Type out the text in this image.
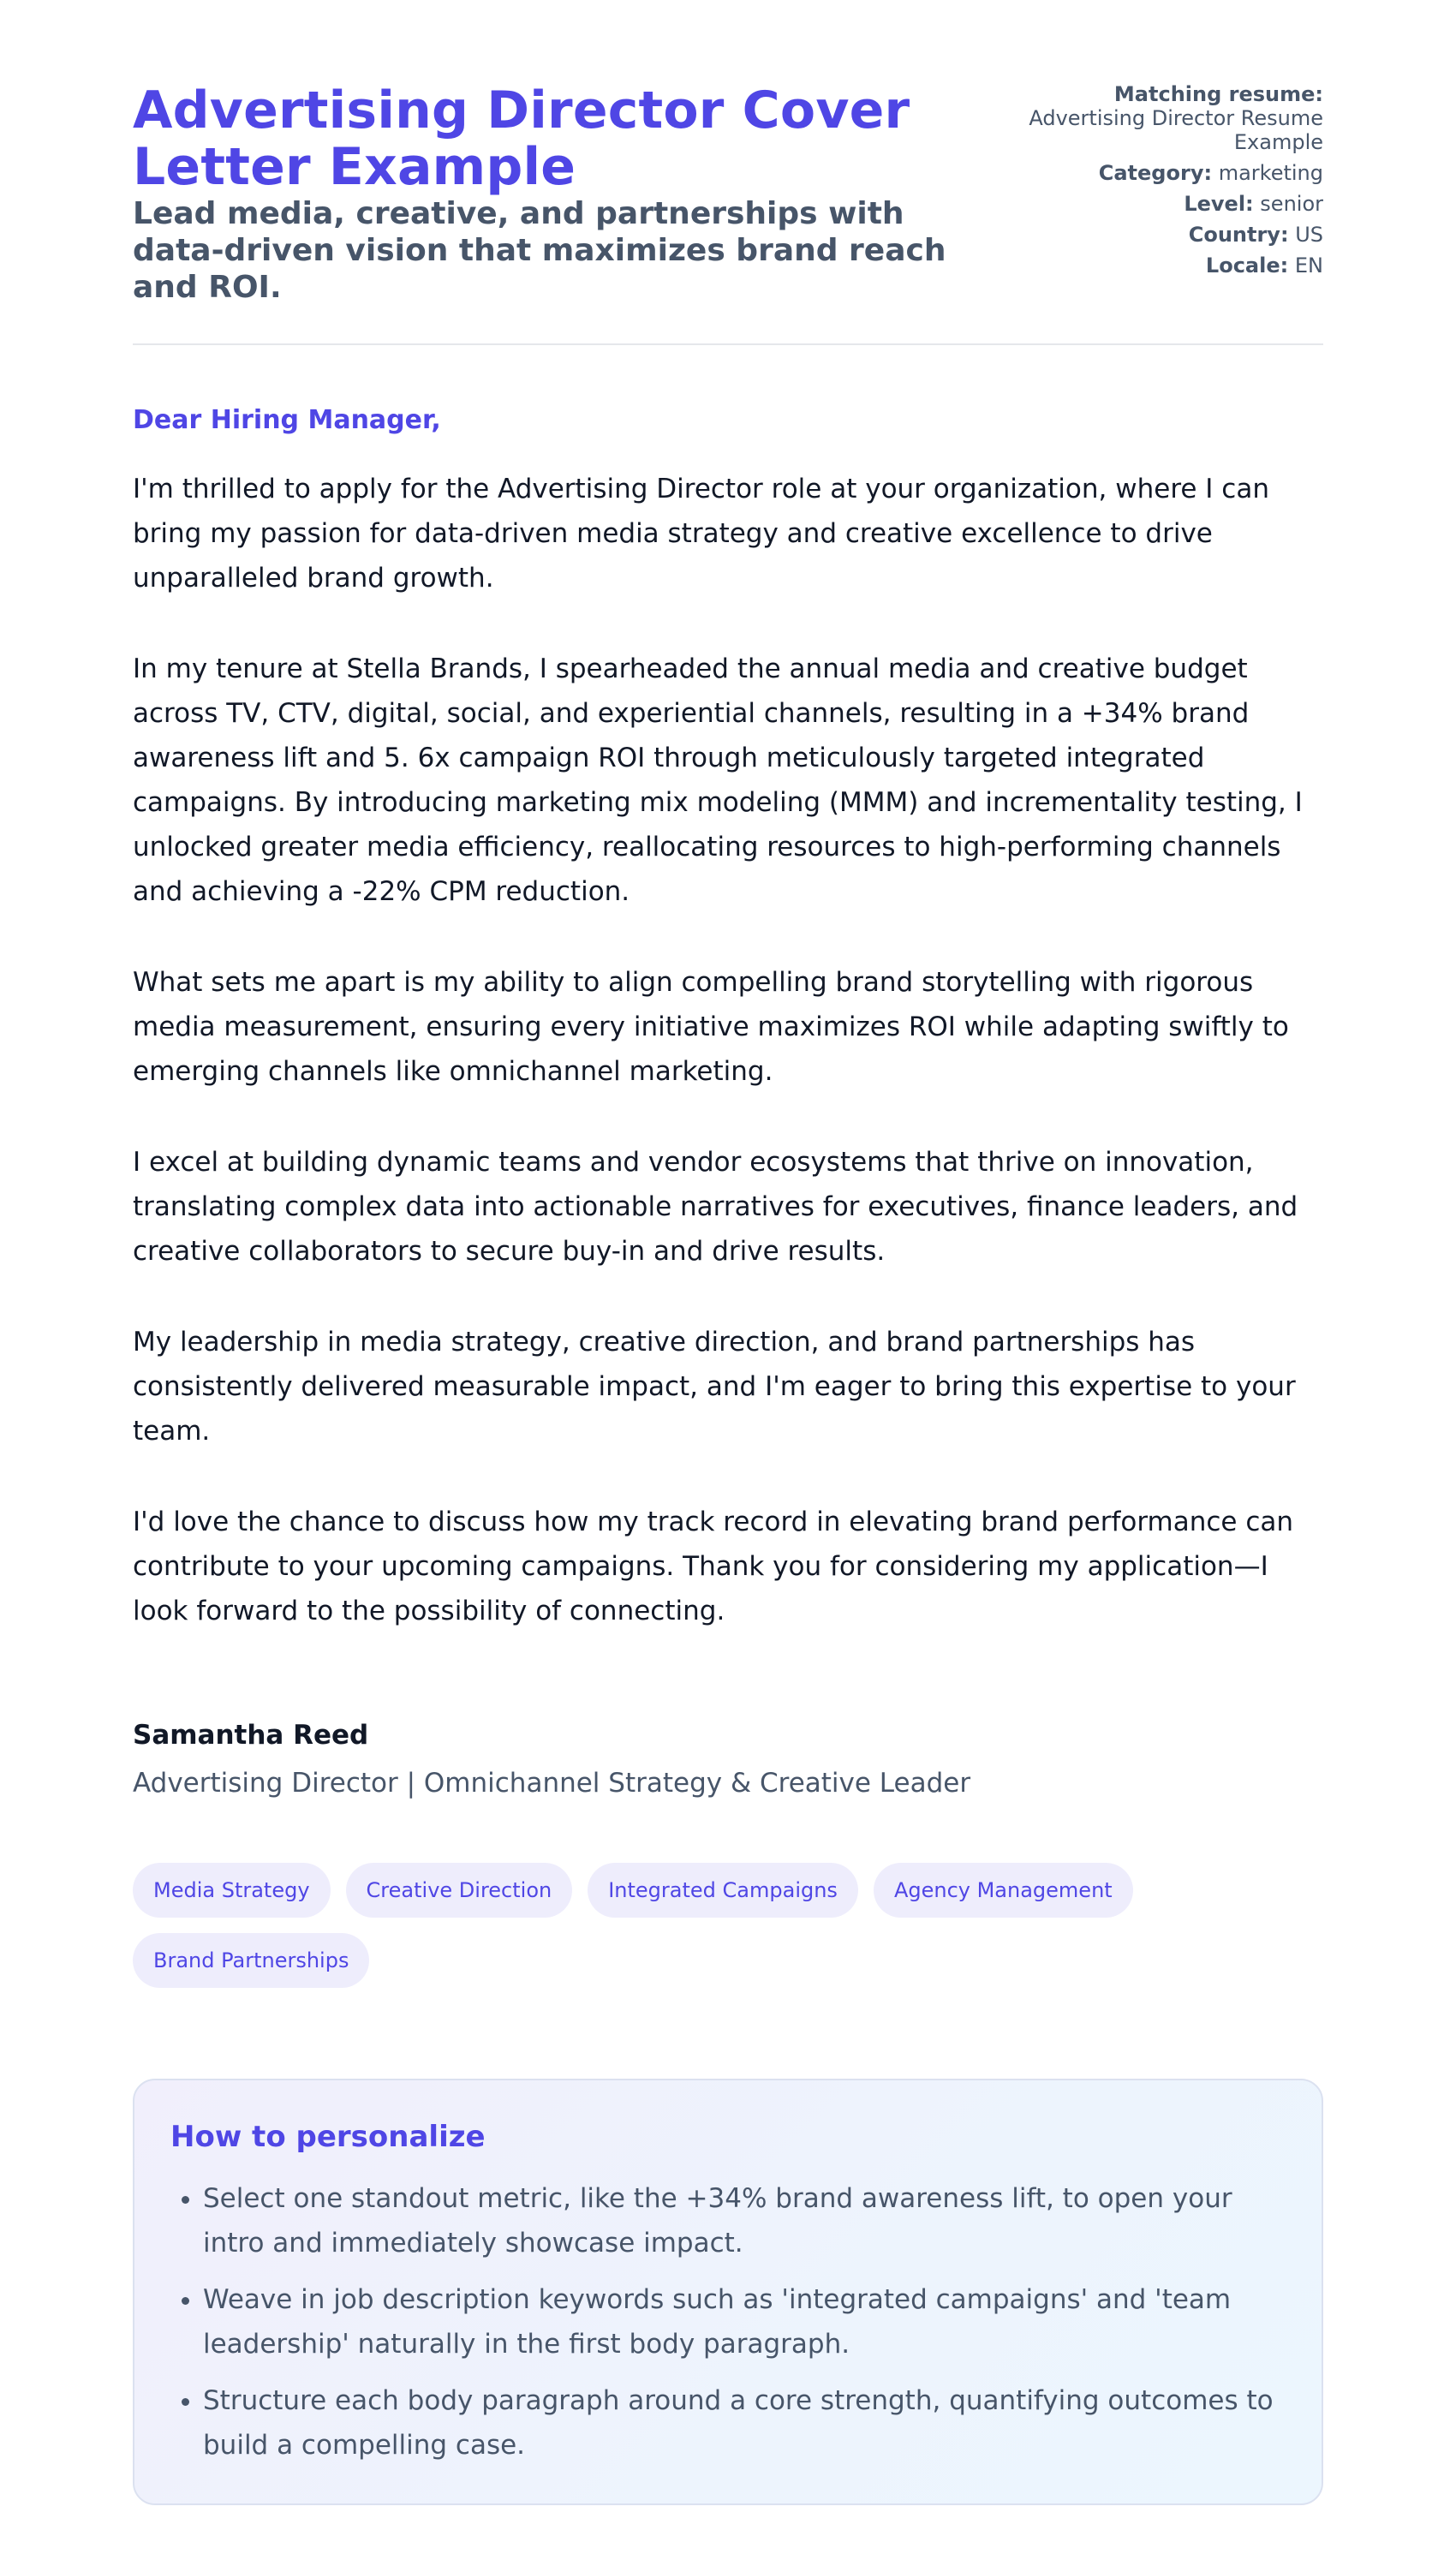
Advertising Director Cover Letter Example

Lead media, creative, and partnerships with data-driven vision that maximizes brand reach and ROI.

Matching resume:
Advertising Director Resume Example
Category: marketing
Level: senior
Country: US
Locale: EN
Dear Hiring Manager,

I'm thrilled to apply for the Advertising Director role at your organization, where I can bring my passion for data-driven media strategy and creative excellence to drive unparalleled brand growth.

In my tenure at Stella Brands, I spearheaded the annual media and creative budget across TV, CTV, digital, social, and experiential channels, resulting in a +34% brand awareness lift and 5. 6x campaign ROI through meticulously targeted integrated campaigns. By introducing marketing mix modeling (MMM) and incrementality testing, I unlocked greater media efficiency, reallocating resources to high-performing channels and achieving a -22% CPM reduction.

What sets me apart is my ability to align compelling brand storytelling with rigorous media measurement, ensuring every initiative maximizes ROI while adapting swiftly to emerging channels like omnichannel marketing.

I excel at building dynamic teams and vendor ecosystems that thrive on innovation, translating complex data into actionable narratives for executives, finance leaders, and creative collaborators to secure buy-in and drive results.

My leadership in media strategy, creative direction, and brand partnerships has consistently delivered measurable impact, and I'm eager to bring this expertise to your team.

I'd love the chance to discuss how my track record in elevating brand performance can contribute to your upcoming campaigns. Thank you for considering my application—I look forward to the possibility of connecting.

Samantha Reed
Advertising Director | Omnichannel Strategy & Creative Leader
Media Strategy	Creative Direction	Integrated Campaigns	Agency Management
Brand Partnerships
How to personalize
• Select one standout metric, like the +34% brand awareness lift, to open your intro and immediately showcase impact.
• Weave in job description keywords such as 'integrated campaigns' and 'team leadership' naturally in the first body paragraph.
• Structure each body paragraph around a core strength, quantifying outcomes to build a compelling case.
